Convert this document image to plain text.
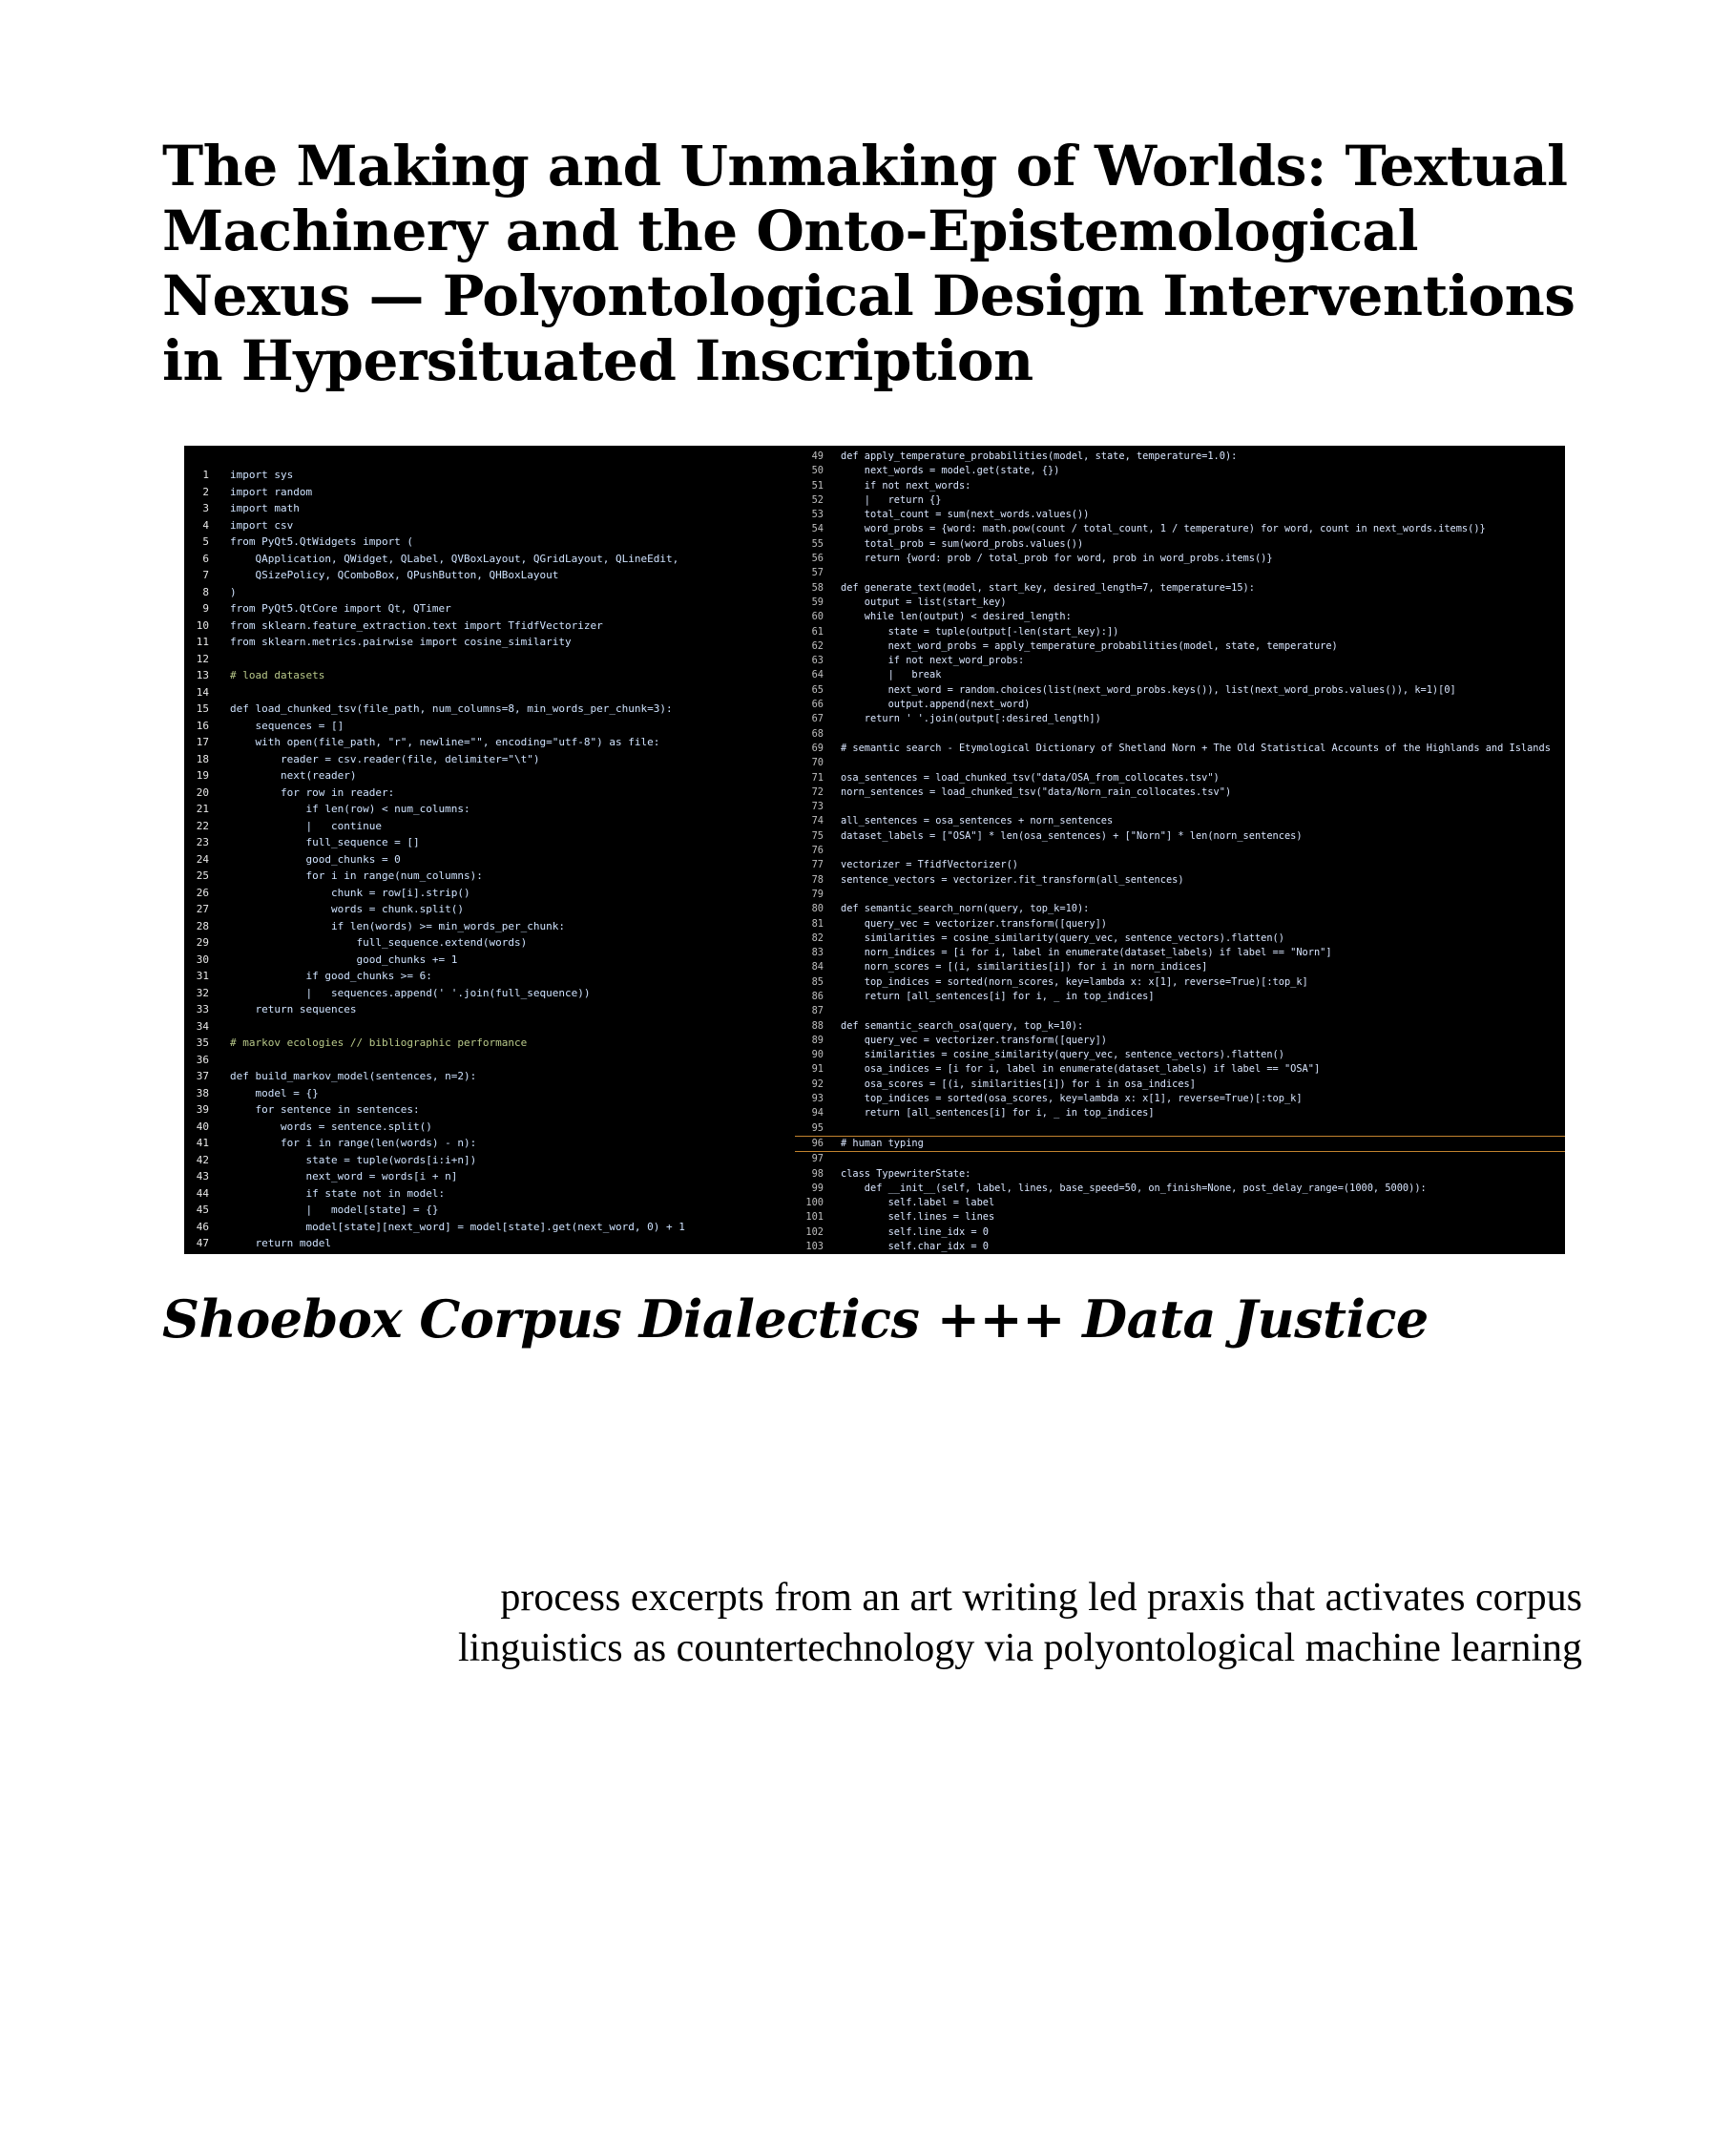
The Making and Unmaking of Worlds: Textual
Machinery and the Onto-Epistemological
Nexus — Polyontological Design Interventions
in Hypersituated Inscription
1 import sys
2 import random
3 import math
4 import csv
5 from PyQt5.QtWidgets import (
6    QApplication, QWidget, QLabel, QVBoxLayout, QGridLayout, QLineEdit,
7    QSizePolicy, QComboBox, QPushButton, QHBoxLayout
8 )
9 from PyQt5.QtCore import Qt, QTimer
10 from sklearn.feature_extraction.text import TfidfVectorizer
11 from sklearn.metrics.pairwise import cosine_similarity
12
13 # load datasets
14
15 def load_chunked_tsv(file_path, num_columns=8, min_words_per_chunk=3):
16    sequences = []
17    with open(file_path, "r", newline="", encoding="utf-8") as file:
18        reader = csv.reader(file, delimiter="\t")
19        next(reader)
20        for row in reader:
21            if len(row) < num_columns:
22            |   continue
23            full_sequence = []
24            good_chunks = 0
25            for i in range(num_columns):
26                chunk = row[i].strip()
27                words = chunk.split()
28                if len(words) >= min_words_per_chunk:
29                    full_sequence.extend(words)
30                    good_chunks += 1
31            if good_chunks >= 6:
32            |   sequences.append(' '.join(full_sequence))
33    return sequences
34
35 # markov ecologies // bibliographic performance
36
37 def build_markov_model(sentences, n=2):
38    model = {}
39    for sentence in sentences:
40        words = sentence.split()
41        for i in range(len(words) - n):
42            state = tuple(words[i:i+n])
43            next_word = words[i + n]
44            if state not in model:
45            |   model[state] = {}
46            model[state][next_word] = model[state].get(next_word, 0) + 1
47    return model
49 def apply_temperature_probabilities(model, state, temperature=1.0):
50    next_words = model.get(state, {})
51    if not next_words:
52    |   return {}
53    total_count = sum(next_words.values())
54    word_probs = {word: math.pow(count / total_count, 1 / temperature) for word, count in next_words.items()}
55    total_prob = sum(word_probs.values())
56    return {word: prob / total_prob for word, prob in word_probs.items()}
57
58 def generate_text(model, start_key, desired_length=7, temperature=15):
59    output = list(start_key)
60    while len(output) < desired_length:
61        state = tuple(output[-len(start_key):])
62        next_word_probs = apply_temperature_probabilities(model, state, temperature)
63        if not next_word_probs:
64        |   break
65        next_word = random.choices(list(next_word_probs.keys()), list(next_word_probs.values()), k=1)[0]
66        output.append(next_word)
67    return ' '.join(output[:desired_length])
68
69 # semantic search - Etymological Dictionary of Shetland Norn + The Old Statistical Accounts of the Highlands and Islands
70
71 osa_sentences = load_chunked_tsv("data/OSA_from_collocates.tsv")
72 norn_sentences = load_chunked_tsv("data/Norn_rain_collocates.tsv")
73
74 all_sentences = osa_sentences + norn_sentences
75 dataset_labels = ["OSA"] * len(osa_sentences) + ["Norn"] * len(norn_sentences)
76
77 vectorizer = TfidfVectorizer()
78 sentence_vectors = vectorizer.fit_transform(all_sentences)
79
80 def semantic_search_norn(query, top_k=10):
81    query_vec = vectorizer.transform([query])
82    similarities = cosine_similarity(query_vec, sentence_vectors).flatten()
83    norn_indices = [i for i, label in enumerate(dataset_labels) if label == "Norn"]
84    norn_scores = [(i, similarities[i]) for i in norn_indices]
85    top_indices = sorted(norn_scores, key=lambda x: x[1], reverse=True)[:top_k]
86    return [all_sentences[i] for i, _ in top_indices]
87
88 def semantic_search_osa(query, top_k=10):
89    query_vec = vectorizer.transform([query])
90    similarities = cosine_similarity(query_vec, sentence_vectors).flatten()
91    osa_indices = [i for i, label in enumerate(dataset_labels) if label == "OSA"]
92    osa_scores = [(i, similarities[i]) for i in osa_indices]
93    top_indices = sorted(osa_scores, key=lambda x: x[1], reverse=True)[:top_k]
94    return [all_sentences[i] for i, _ in top_indices]
95
96 # human typing
97
98 class TypewriterState:
99    def __init__(self, label, lines, base_speed=50, on_finish=None, post_delay_range=(1000, 5000)):
100        self.label = label
101        self.lines = lines
102        self.line_idx = 0
103        self.char_idx = 0
Shoebox Corpus Dialectics +++ Data Justice
process excerpts from an art writing led praxis that activates corpus
linguistics as countertechnology via polyontological machine learning
